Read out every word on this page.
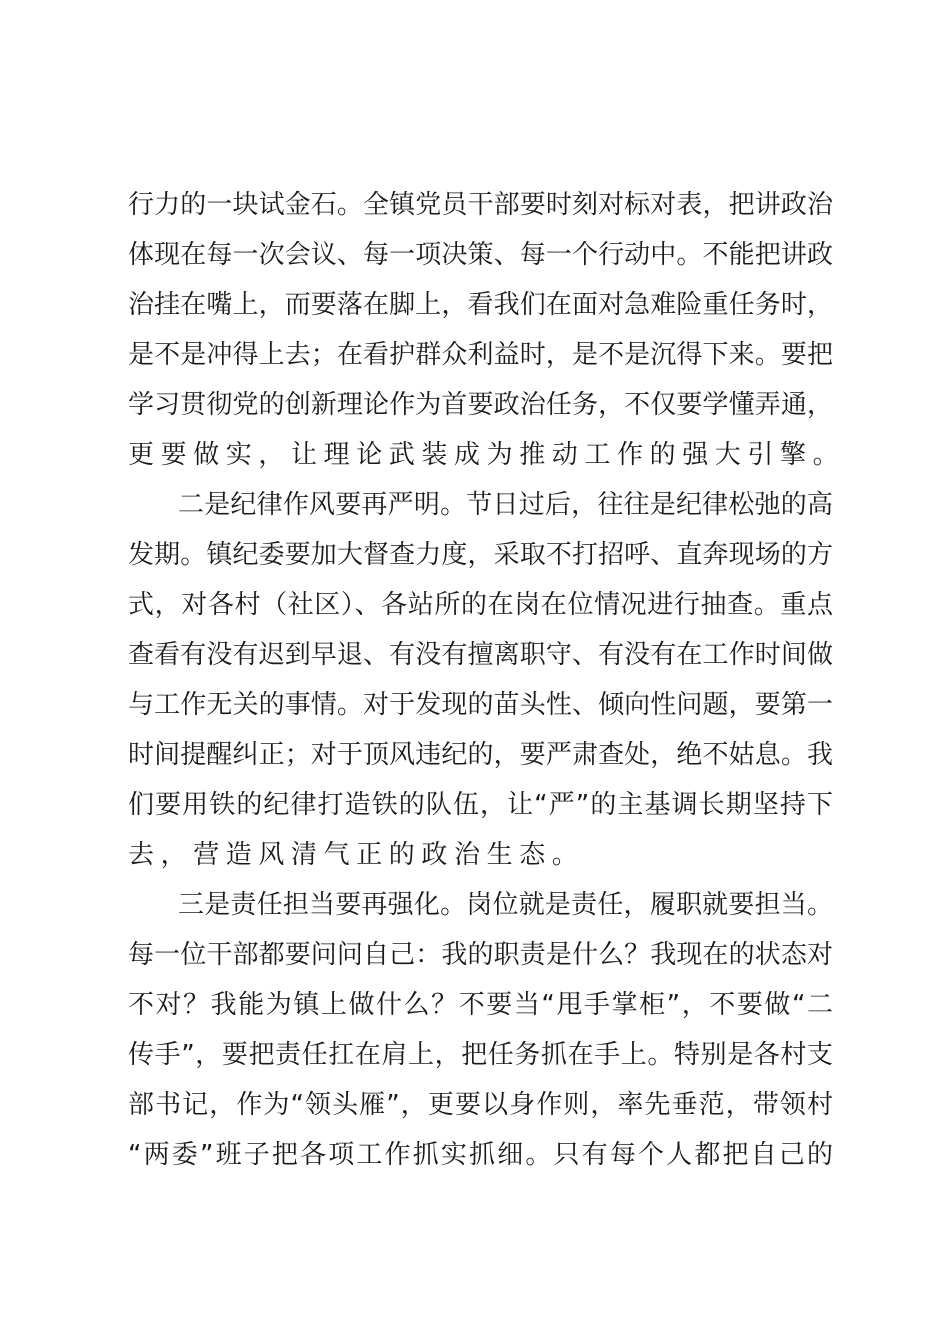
行力的一块试金石。全镇党员干部要时刻对标对表，把讲政治
体现在每一次会议、每一项决策、每一个行动中。不能把讲政
治挂在嘴上，而要落在脚上，看我们在面对急难险重任务时，
是不是冲得上去；在看护群众利益时，是不是沉得下来。要把
学习贯彻党的创新理论作为首要政治任务，不仅要学懂弄通，
更要做实，让理论武装成为推动工作的强大引擎。
二是纪律作风要再严明。节日过后，往往是纪律松弛的高
发期。镇纪委要加大督查力度，采取不打招呼、直奔现场的方
式，对各村（社区）、各站所的在岗在位情况进行抽查。重点
查看有没有迟到早退、有没有擅离职守、有没有在工作时间做
与工作无关的事情。对于发现的苗头性、倾向性问题，要第一
时间提醒纠正；对于顶风违纪的，要严肃查处，绝不姑息。我
们要用铁的纪律打造铁的队伍，让“严”的主基调长期坚持下
去，营造风清气正的政治生态。
三是责任担当要再强化。岗位就是责任，履职就要担当。
每一位干部都要问问自己：我的职责是什么？我现在的状态对
不对？我能为镇上做什么？不要当“甩手掌柜”，不要做“二
传手”，要把责任扛在肩上，把任务抓在手上。特别是各村支
部书记，作为“领头雁”，更要以身作则，率先垂范，带领村
“两委”班子把各项工作抓实抓细。只有每个人都把自己的
